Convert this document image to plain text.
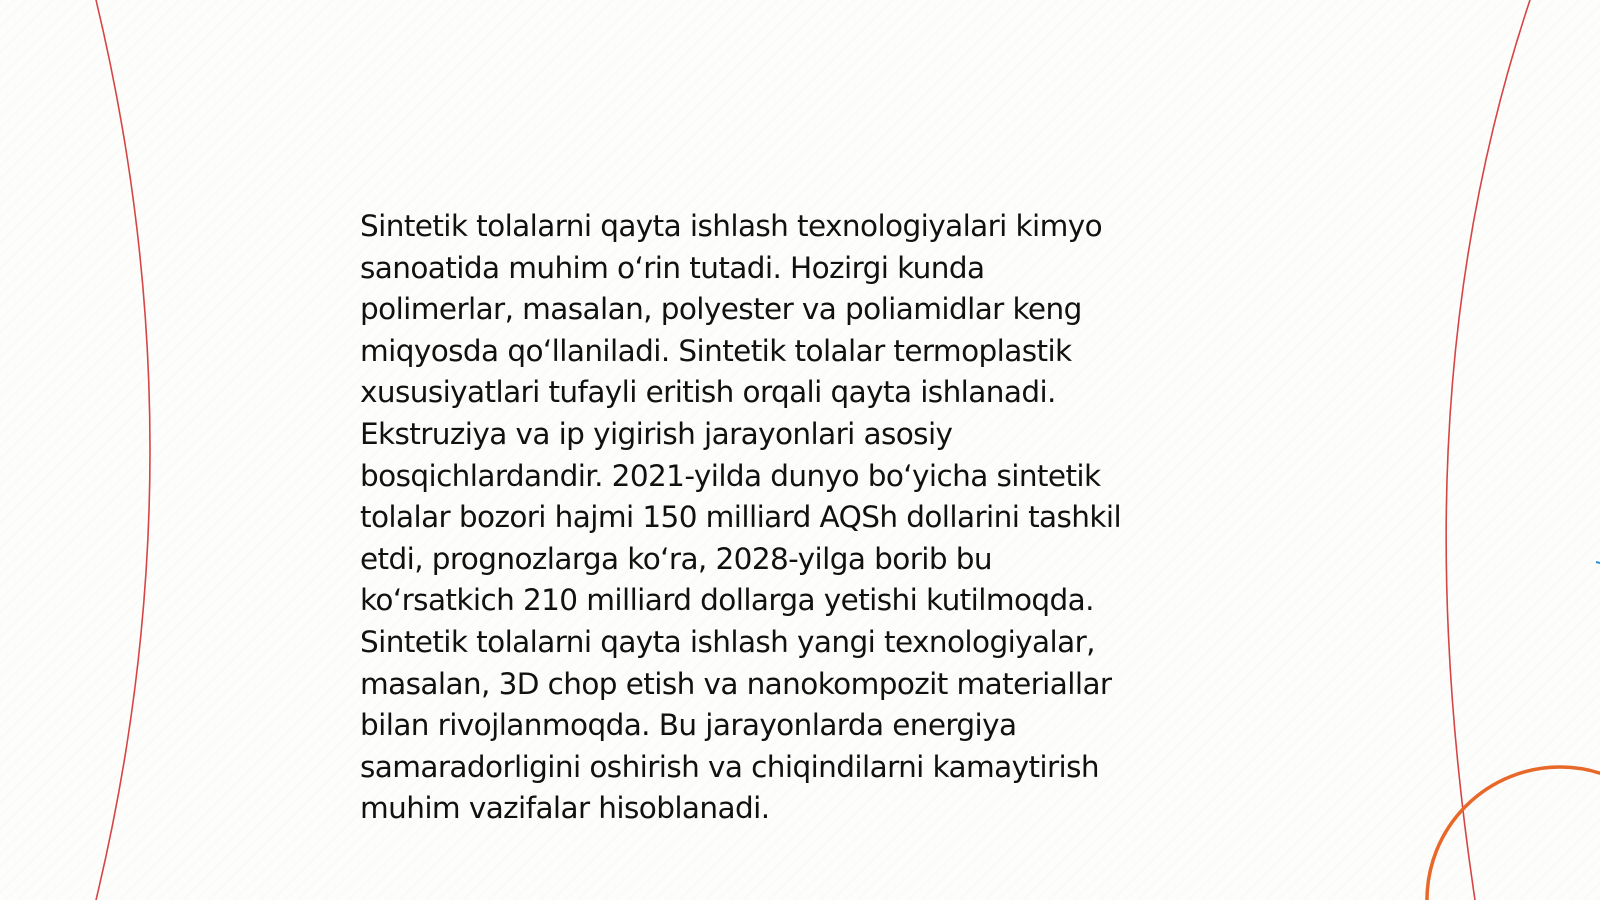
Sintetik tolalarni qayta ishlash texnologiyalari kimyo
sanoatida muhim oʻrin tutadi. Hozirgi kunda
polimerlar, masalan, polyester va poliamidlar keng
miqyosda qoʻllaniladi. Sintetik tolalar termoplastik
xususiyatlari tufayli eritish orqali qayta ishlanadi.
Ekstruziya va ip yigirish jarayonlari asosiy
bosqichlardandir. 2021-yilda dunyo boʻyicha sintetik
tolalar bozori hajmi 150 milliard AQSh dollarini tashkil
etdi, prognozlarga koʻra, 2028-yilga borib bu
koʻrsatkich 210 milliard dollarga yetishi kutilmoqda.
Sintetik tolalarni qayta ishlash yangi texnologiyalar,
masalan, 3D chop etish va nanokompozit materiallar
bilan rivojlanmoqda. Bu jarayonlarda energiya
samaradorligini oshirish va chiqindilarni kamaytirish
muhim vazifalar hisoblanadi.
